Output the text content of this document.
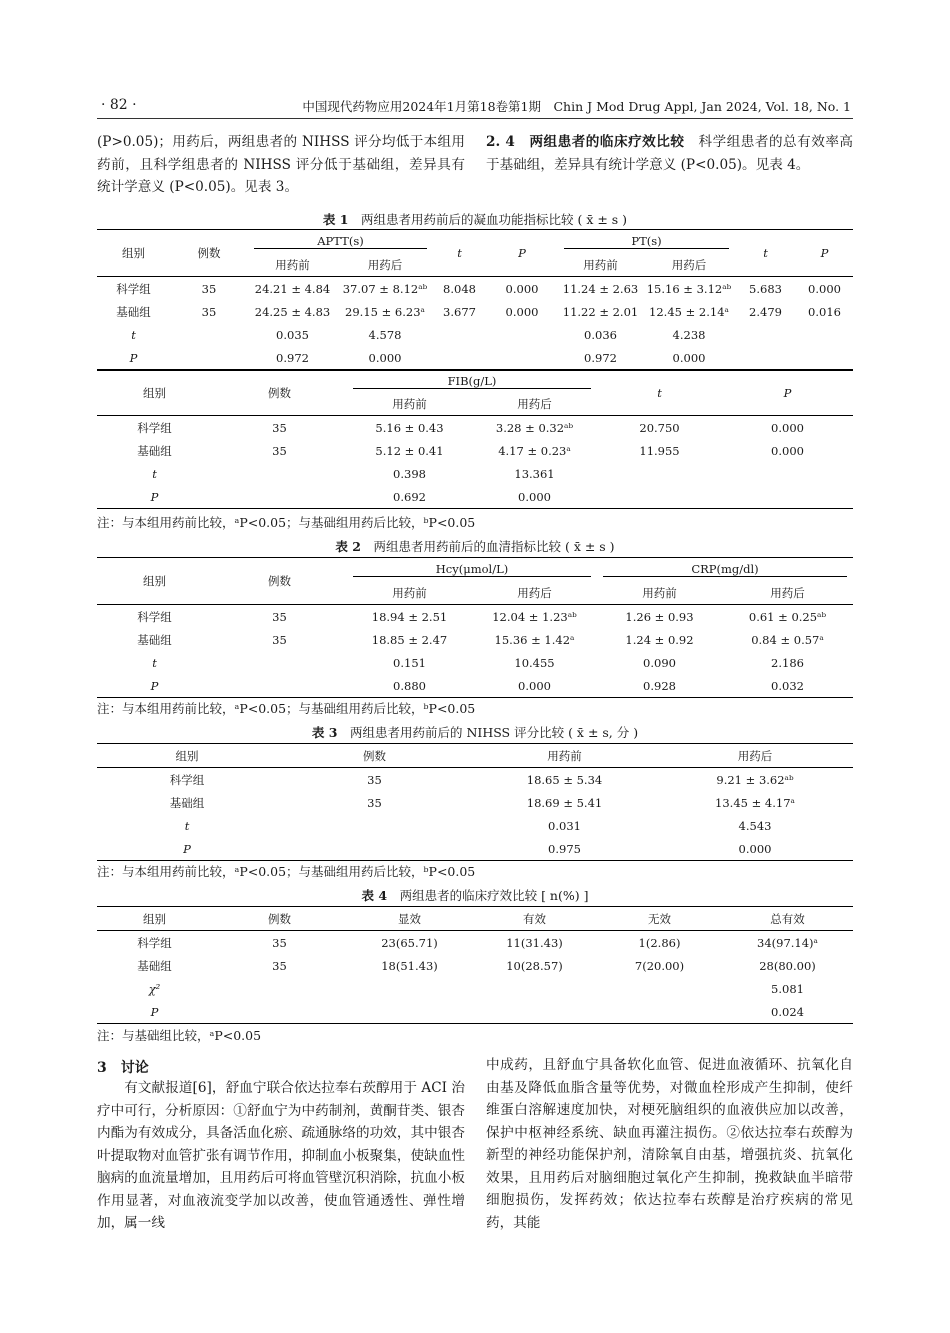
· 82 ·	中国现代药物应用2024年1月第18卷第1期　Chin J Mod Drug Appl, Jan 2024, Vol. 18, No. 1

(P>0.05)；用药后，两组患者的 NIHSS 评分均低于本组用药前，且科学组患者的 NIHSS 评分低于基础组，差异具有统计学意义 (P<0.05)。见表 3。

2. 4　两组患者的临床疗效比较　 科学组患者的总有效率高于基础组，差异具有统计学意义 (P<0.05)。见表 4。

表 1　 两组患者用药前后的凝血功能指标比较 ( x̄ ± s )
组别	例数	APTT(s)		t	P	PT(s)		t	P
		用药前	用药后			用药前	用药后		
科学组	35	24.21 ± 4.84	37.07 ± 8.12ᵃᵇ	8.048	0.000	11.24 ± 2.63	15.16 ± 3.12ᵃᵇ	5.683	0.000
基础组	35	24.25 ± 4.83	29.15 ± 6.23ᵃ	3.677	0.000	11.22 ± 2.01	12.45 ± 2.14ᵃ	2.479	0.016
t		0.035	4.578			0.036	4.238		
P		0.972	0.000			0.972	0.000		
组别	例数	FIB(g/L)		t	P
		用药前	用药后		
科学组	35	5.16 ± 0.43	3.28 ± 0.32ᵃᵇ	20.750	0.000
基础组	35	5.12 ± 0.41	4.17 ± 0.23ᵃ	11.955	0.000
t		0.398	13.361		
P		0.692	0.000		
注：与本组用药前比较，ᵃP<0.05；与基础组用药后比较，ᵇP<0.05
表 2　 两组患者用药前后的血清指标比较 ( x̄ ± s )
组别	例数	Hcy(μmol/L)		CRP(mg/dl)	

		用药前	用药后	用药前	用药后
科学组	35	18.94 ± 2.51	12.04 ± 1.23ᵃᵇ	1.26 ± 0.93	0.61 ± 0.25ᵃᵇ
基础组	35	18.85 ± 2.47	15.36 ± 1.42ᵃ	1.24 ± 0.92	0.84 ± 0.57ᵃ
t		0.151	10.455	0.090	2.186
P		0.880	0.000	0.928	0.032
注：与本组用药前比较，ᵃP<0.05；与基础组用药后比较，ᵇP<0.05
表 3　 两组患者用药前后的 NIHSS 评分比较 ( x̄ ± s, 分 )
组别	例数	用药前	用药后
科学组	35	18.65 ± 5.34	9.21 ± 3.62ᵃᵇ
基础组	35	18.69 ± 5.41	13.45 ± 4.17ᵃ
t		0.031	4.543
P		0.975	0.000
注：与本组用药前比较，ᵃP<0.05；与基础组用药后比较，ᵇP<0.05
表 4　 两组患者的临床疗效比较 [ n(%) ]
组别	例数	显效	有效	无效	总有效
科学组	35	23(65.71)	11(31.43)	1(2.86)	34(97.14)ᵃ
基础组	35	18(51.43)	10(28.57)	7(20.00)	28(80.00)
χ²					5.081
P					0.024
注：与基础组比较，ᵃP<0.05
3　讨论

有文献报道[6]，舒血宁联合依达拉奉右莰醇用于 ACI 治疗中可行，分析原因：①舒血宁为中药制剂，黄酮苷类、银杏内酯为有效成分，具备活血化瘀、疏通脉络的功效，其中银杏叶提取物对血管扩张有调节作用，抑制血小板聚集，使缺血性脑病的血流量增加，且用药后可将血管壁沉积消除，抗血小板作用显著，对血液流变学加以改善，使血管通透性、弹性增加，属一线

中成药，且舒血宁具备软化血管、促进血液循环、抗氧化自由基及降低血脂含量等优势，对微血栓形成产生抑制，使纤维蛋白溶解速度加快，对梗死脑组织的血液供应加以改善，保护中枢神经系统、缺血再灌注损伤。②依达拉奉右莰醇为新型的神经功能保护剂，清除氧自由基，增强抗炎、抗氧化效果，且用药后对脑细胞过氧化产生抑制，挽救缺血半暗带细胞损伤，发挥药效；依达拉奉右莰醇是治疗疾病的常见药，其能
